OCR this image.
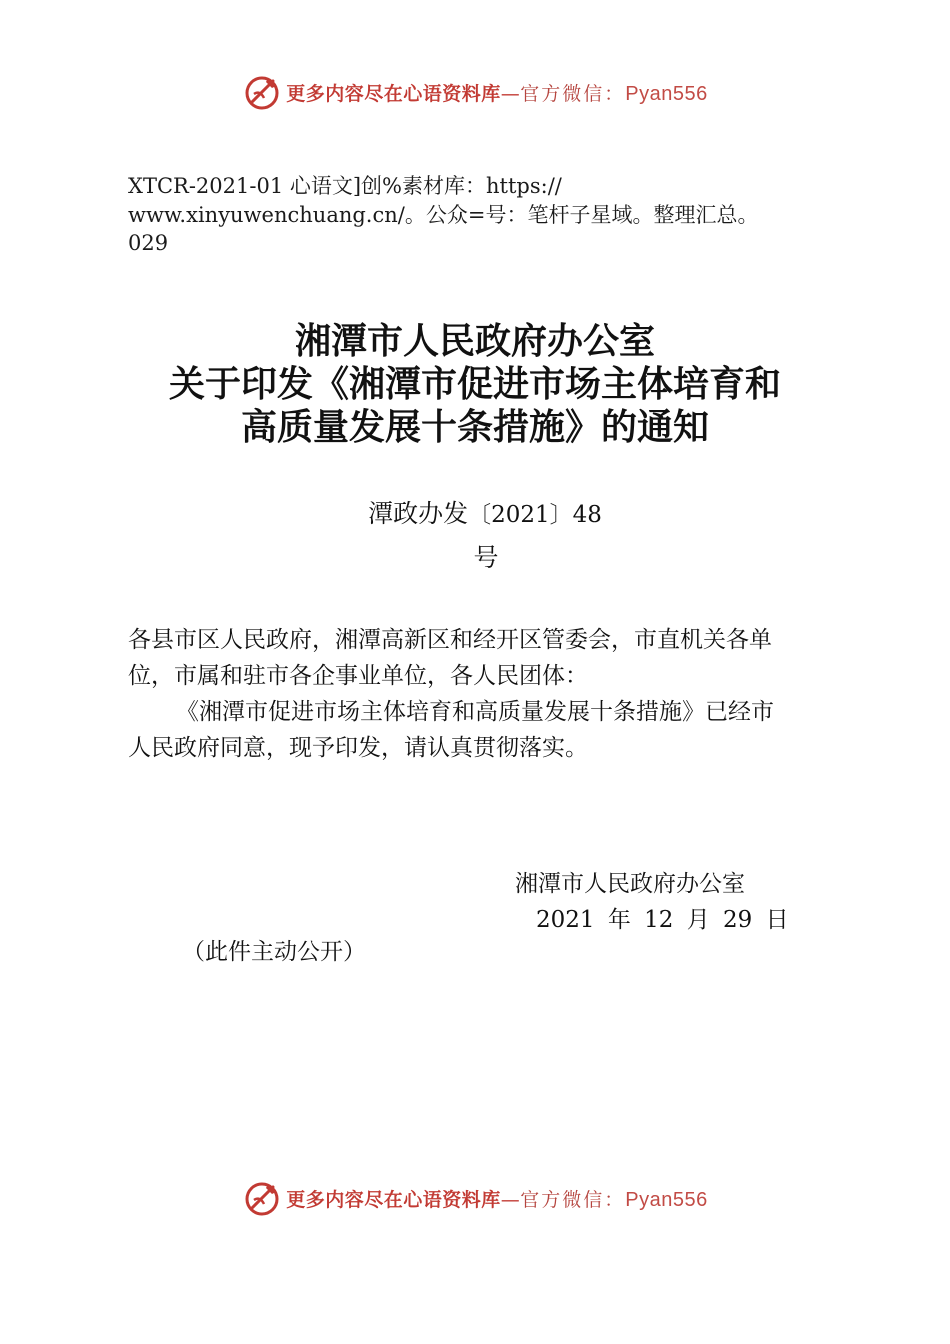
更多内容尽在心语资料库—官方微信：Pyan556
XTCR-2021-01 心语文]创%素材库：https://
www.xinyuwenchuang.cn/。公众=号：笔杆子星域。整理汇总。
029
湘潭市人民政府办公室
关于印发《湘潭市促进市场主体培育和
高质量发展十条措施》的通知
潭政办发〔2021〕48
号
各县市区人民政府，湘潭高新区和经开区管委会，市直机关各单
位，市属和驻市各企事业单位，各人民团体：
《湘潭市促进市场主体培育和高质量发展十条措施》已经市
人民政府同意，现予印发，请认真贯彻落实。
湘潭市人民政府办公室
2021 年 12 月 29 日
（此件主动公开）
更多内容尽在心语资料库—官方微信：Pyan556
